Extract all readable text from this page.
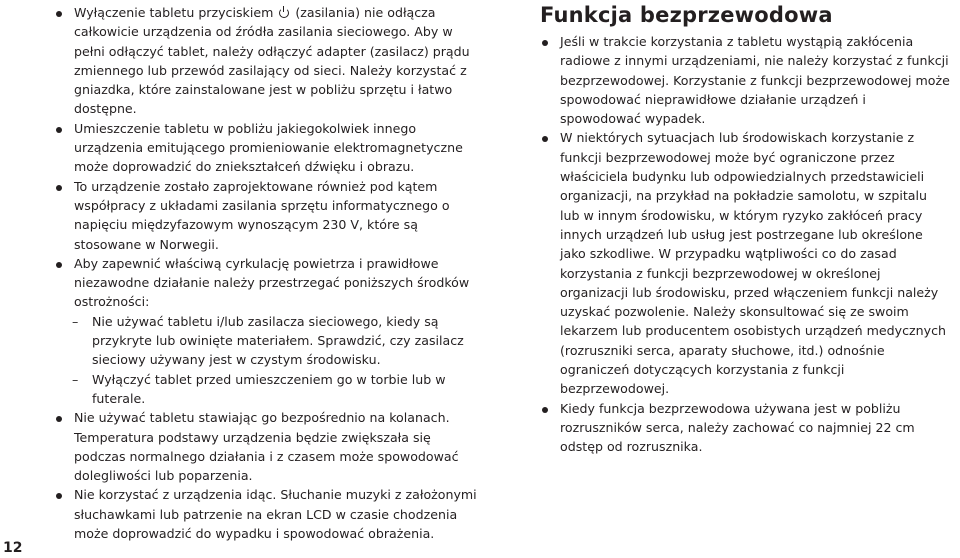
Wyłączenie tabletu przyciskiem (zasilania) nie odłącza całkowicie urządzenia od źródła zasilania sieciowego. Aby w pełni odłączyć tablet, należy odłączyć adapter (zasilacz) prądu zmiennego lub przewód zasilający od sieci. Należy korzystać z gniazdka, które zainstalowane jest w pobliżu sprzętu i łatwo dostępne.
Umieszczenie tabletu w pobliżu jakiegokolwiek innego urządzenia emitującego promieniowanie elektromagnetyczne może doprowadzić do zniekształceń dźwięku i obrazu.
To urządzenie zostało zaprojektowane również pod kątem współpracy z układami zasilania sprzętu informatycznego o napięciu międzyfazowym wynoszącym 230 V, które są stosowane w Norwegii.
Aby zapewnić właściwą cyrkulację powietrza i prawidłowe niezawodne działanie należy przestrzegać poniższych środków ostrożności:
– Nie używać tabletu i/lub zasilacza sieciowego, kiedy są przykryte lub owinięte materiałem. Sprawdzić, czy zasilacz sieciowy używany jest w czystym środowisku.
– Wyłączyć tablet przed umieszczeniem go w torbie lub w futerale.
Nie używać tabletu stawiając go bezpośrednio na kolanach. Temperatura podstawy urządzenia będzie zwiększała się podczas normalnego działania i z czasem może spowodować dolegliwości lub poparzenia.
Nie korzystać z urządzenia idąc. Słuchanie muzyki z założonymi słuchawkami lub patrzenie na ekran LCD w czasie chodzenia może doprowadzić do wypadku i spowodować obrażenia.
Funkcja bezprzewodowa
Jeśli w trakcie korzystania z tabletu wystąpią zakłócenia radiowe z innymi urządzeniami, nie należy korzystać z funkcji bezprzewodowej. Korzystanie z funkcji bezprzewodowej może spowodować nieprawidłowe działanie urządzeń i spowodować wypadek.
W niektórych sytuacjach lub środowiskach korzystanie z funkcji bezprzewodowej może być ograniczone przez właściciela budynku lub odpowiedzialnych przedstawicieli organizacji, na przykład na pokładzie samolotu, w szpitalu lub w innym środowisku, w którym ryzyko zakłóceń pracy innych urządzeń lub usług jest postrzegane lub określone jako szkodliwe. W przypadku wątpliwości co do zasad korzystania z funkcji bezprzewodowej w określonej organizacji lub środowisku, przed włączeniem funkcji należy uzyskać pozwolenie. Należy skonsultować się ze swoim lekarzem lub producentem osobistych urządzeń medycznych (rozruszniki serca, aparaty słuchowe, itd.) odnośnie ograniczeń dotyczących korzystania z funkcji bezprzewodowej.
Kiedy funkcja bezprzewodowa używana jest w pobliżu rozruszników serca, należy zachować co najmniej 22 cm odstęp od rozrusznika.
12
